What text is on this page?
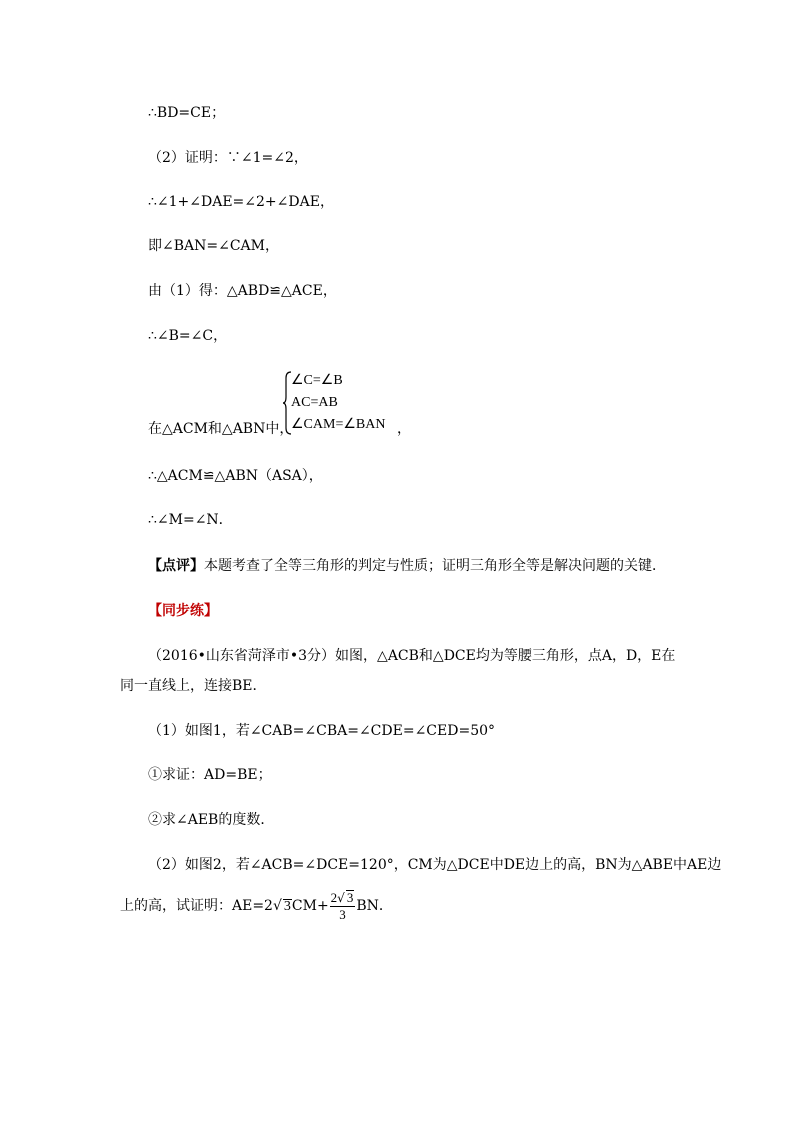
∴BD=CE；
（2）证明：∵∠1=∠2，
∴∠1+∠DAE=∠2+∠DAE，
即∠BAN=∠CAM，
由（1）得：△ABD≌△ACE，
∴∠B=∠C，
在△ACM和△ABN中，
∠C=∠B
AC=AB
∠CAM=∠BAN ，
∴△ACM≌△ABN（ASA），
∴∠M=∠N．
【点评】本题考查了全等三角形的判定与性质；证明三角形全等是解决问题的关键．
【同步练】
（2016•山东省菏泽市•3分）如图，△ACB和△DCE均为等腰三角形，点A，D，E在
同一直线上，连接BE．
（1）如图1，若∠CAB=∠CBA=∠CDE=∠CED=50°
①求证：AD=BE；
②求∠AEB的度数．
（2）如图2，若∠ACB=∠DCE=120°，CM为△DCE中DE边上的高，BN为△ABE中AE边
上的高，试证明：AE=2√ $3CM+ \frac{2√ 3}{3}$ BN．
